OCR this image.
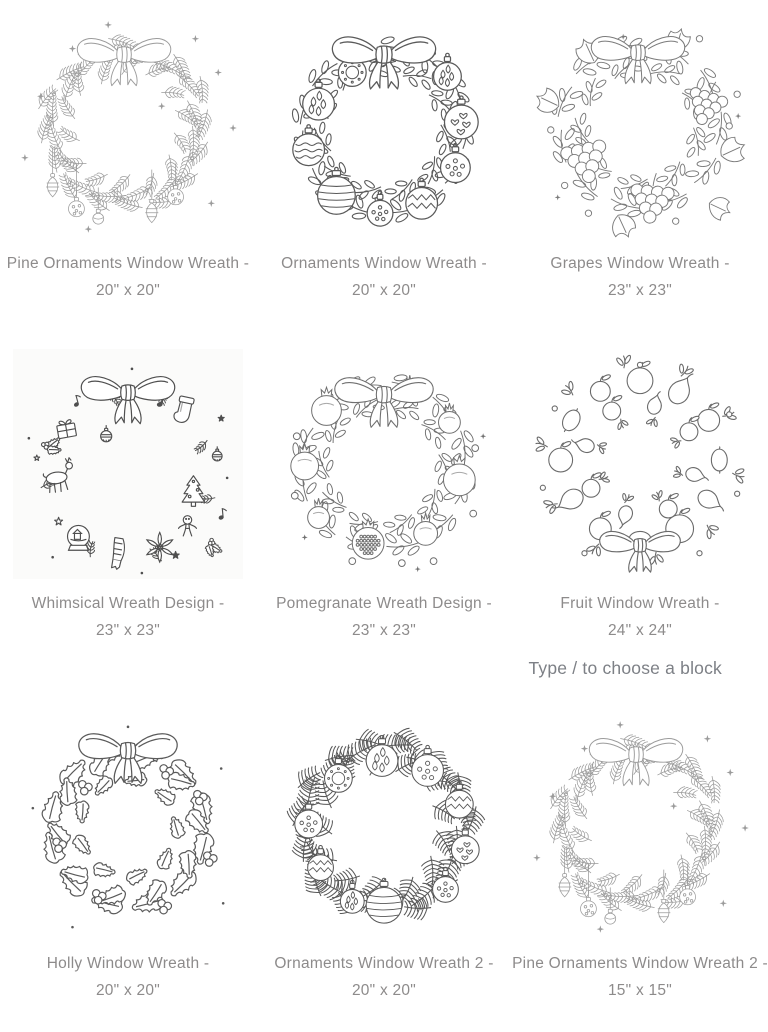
Pine Ornaments Window Wreath -
20" x 20"
Ornaments Window Wreath -
20" x 20"
Grapes Window Wreath -
23" x 23"
Whimsical Wreath Design -
23" x 23"
Pomegranate Wreath Design -
23" x 23"
Fruit Window Wreath -
24" x 24"

Type / to choose a block

Holly Window Wreath -
20" x 20"
Ornaments Window Wreath 2 -
20" x 20"
Pine Ornaments Window Wreath 2 -
15" x 15"
